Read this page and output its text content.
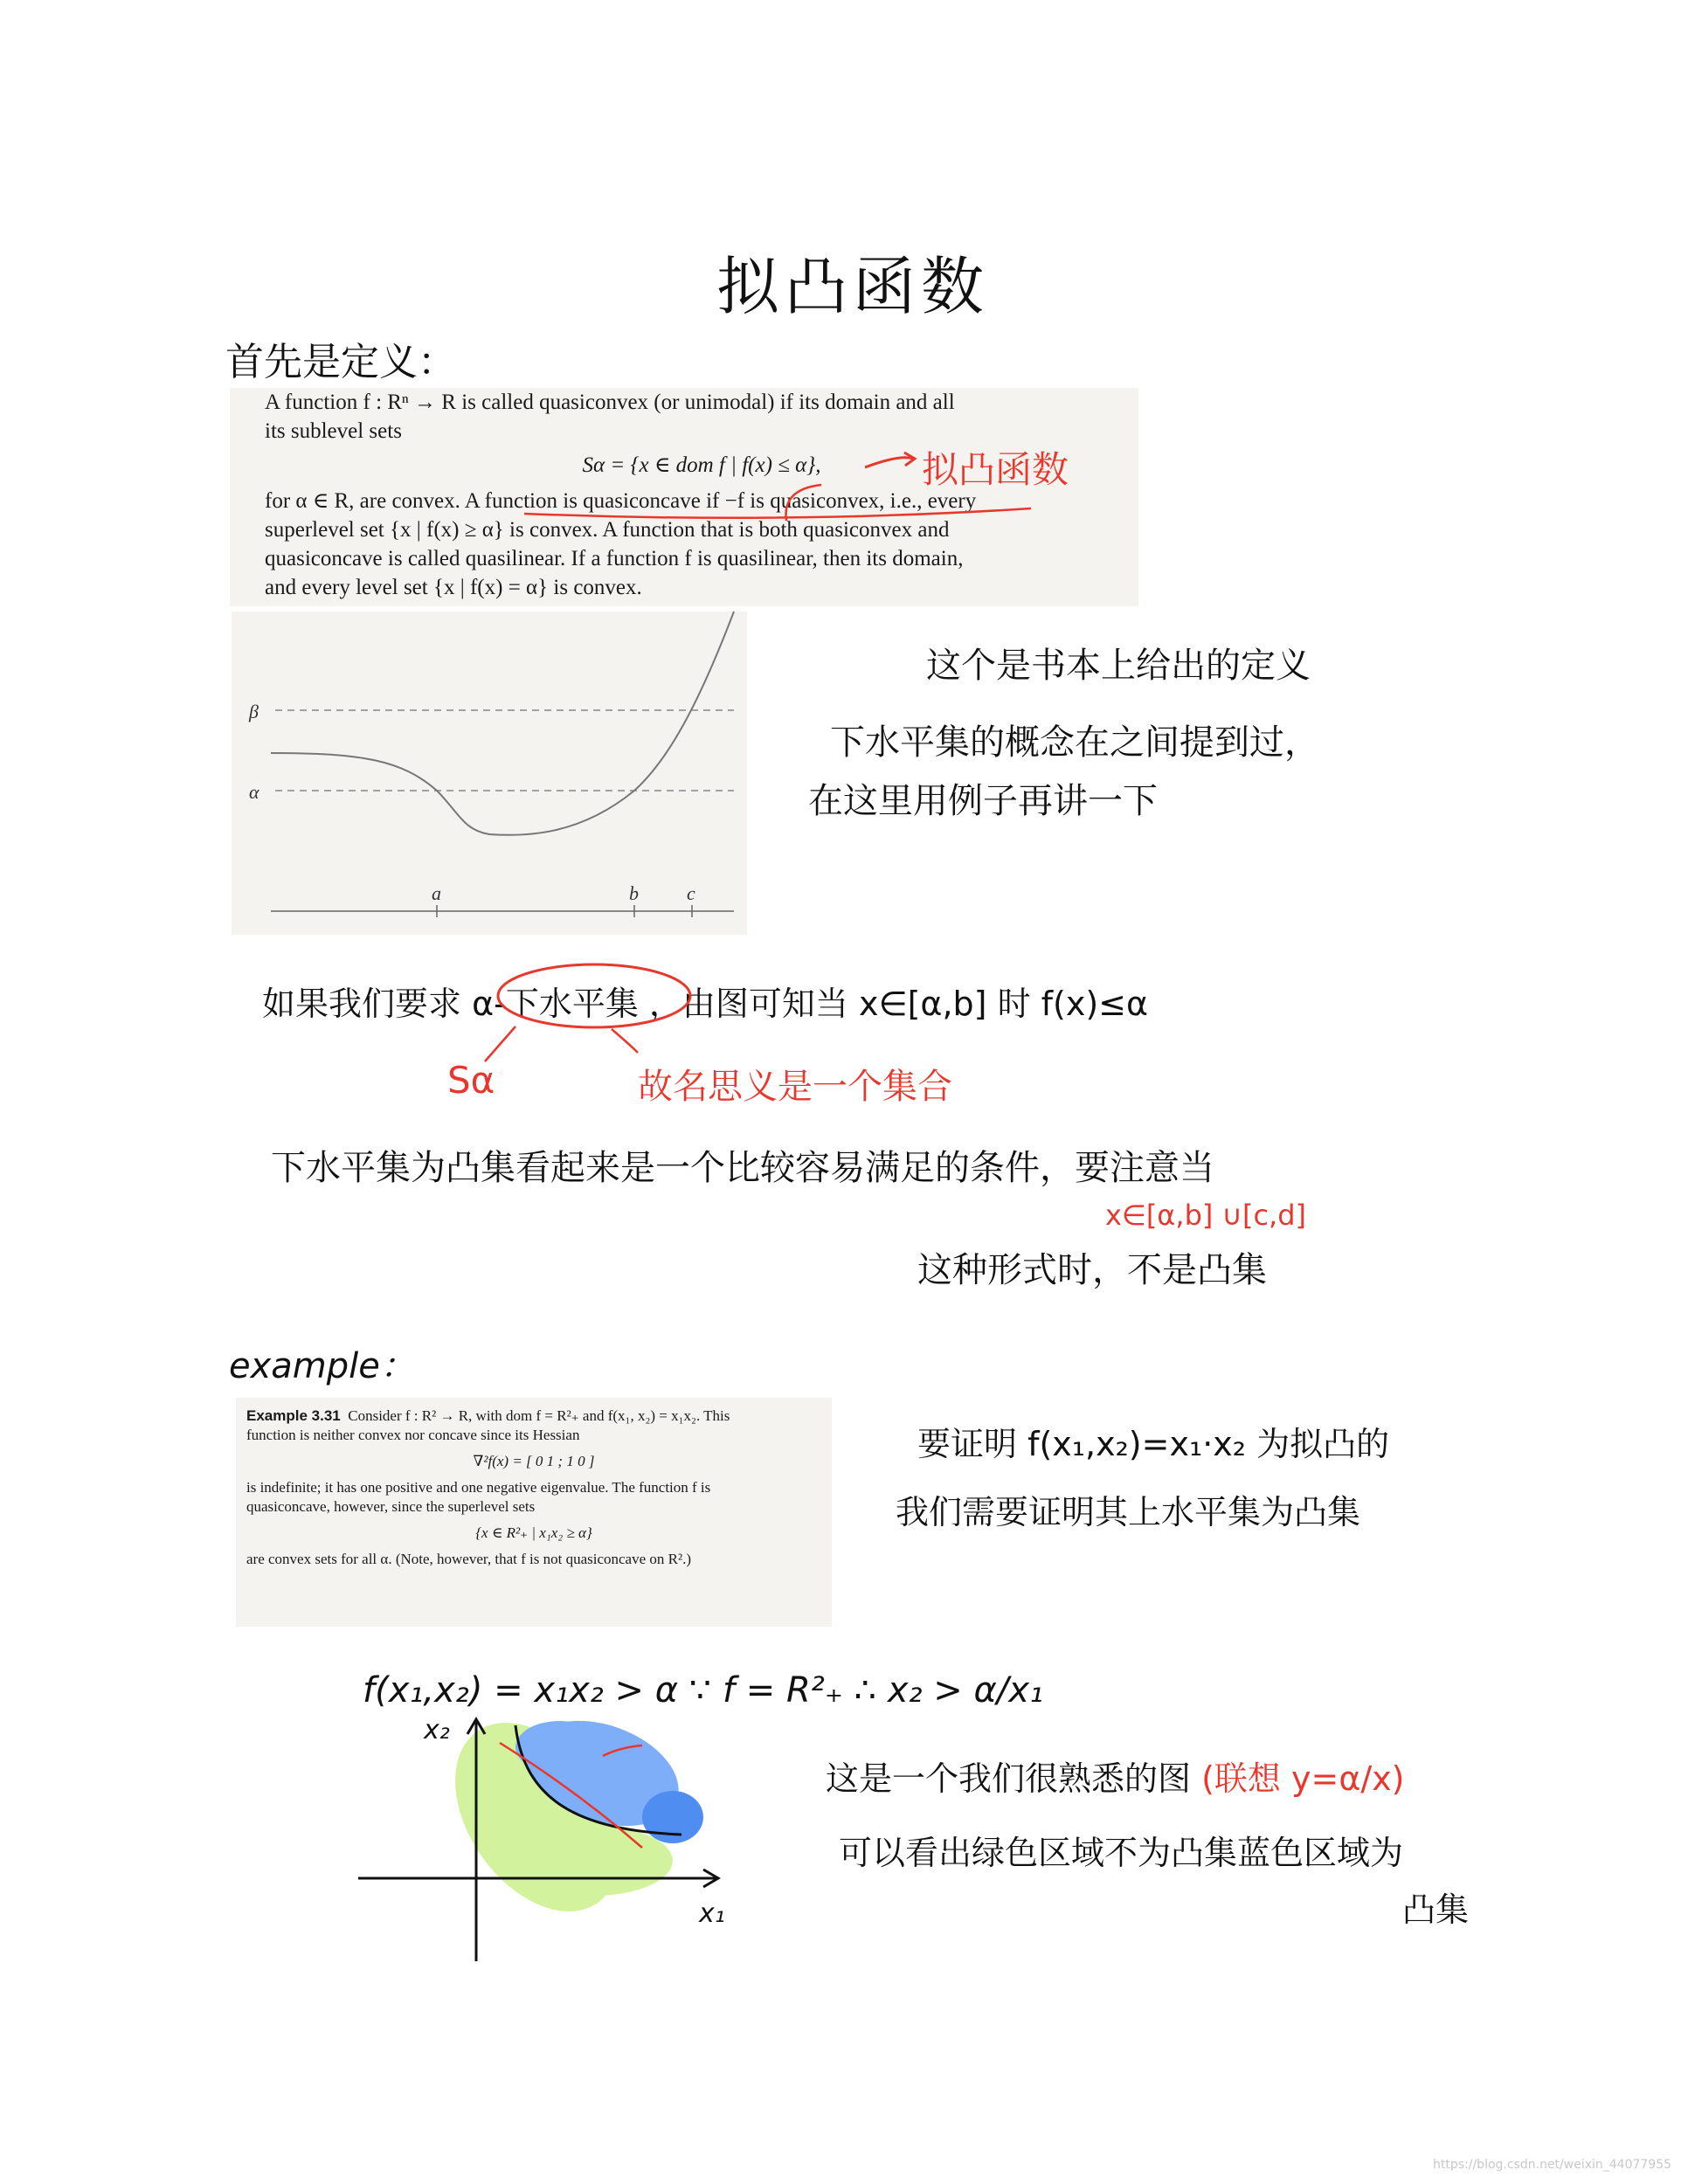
拟凸函数
首先是定义：

A function f : Rⁿ → R is called quasiconvex (or unimodal) if its domain and all

its sublevel sets

Sα = {x ∈ dom f | f(x) ≤ α},

for α ∈ R, are convex. A function is quasiconcave if −f is quasiconvex, i.e., every

superlevel set {x | f(x) ≥ α} is convex. A function that is both quasiconvex and

quasiconcave is called quasilinear. If a function f is quasilinear, then its domain,

and every level set {x | f(x) = α} is convex.

拟凸函数
β
α
a	b	c
这个是书本上给出的定义
下水平集的概念在之间提到过，
在这里用例子再讲一下
如果我们要求 α-下水平集 ，由图可知当 x∈[α,b] 时 f(x)≤α
Sα	故名思义是一个集合
下水平集为凸集看起来是一个比较容易满足的条件，要注意当
x∈[α,b] ∪[c,d]
这种形式时，不是凸集
example：

Example 3.31 Consider f : R² → R, with dom f = R²₊ and f(x₁, x₂) = x₁x₂. This

function is neither convex nor concave since its Hessian

∇²f(x) = [ 0 1 ; 1 0 ]

is indefinite; it has one positive and one negative eigenvalue. The function f is

quasiconcave, however, since the superlevel sets

{x ∈ R²₊ | x₁x₂ ≥ α}

are convex sets for all α. (Note, however, that f is not quasiconcave on R².)

要证明 f(x₁,x₂)=x₁·x₂ 为拟凸的
我们需要证明其上水平集为凸集
f(x₁,x₂) = x₁x₂ > α ∵ f = R²₊ ∴ x₂ > α/x₁
x₂
x₁
这是一个我们很熟悉的图 (联想 y=α/x)
可以看出绿色区域不为凸集蓝色区域为
凸集
https://blog.csdn.net/weixin_44077955
